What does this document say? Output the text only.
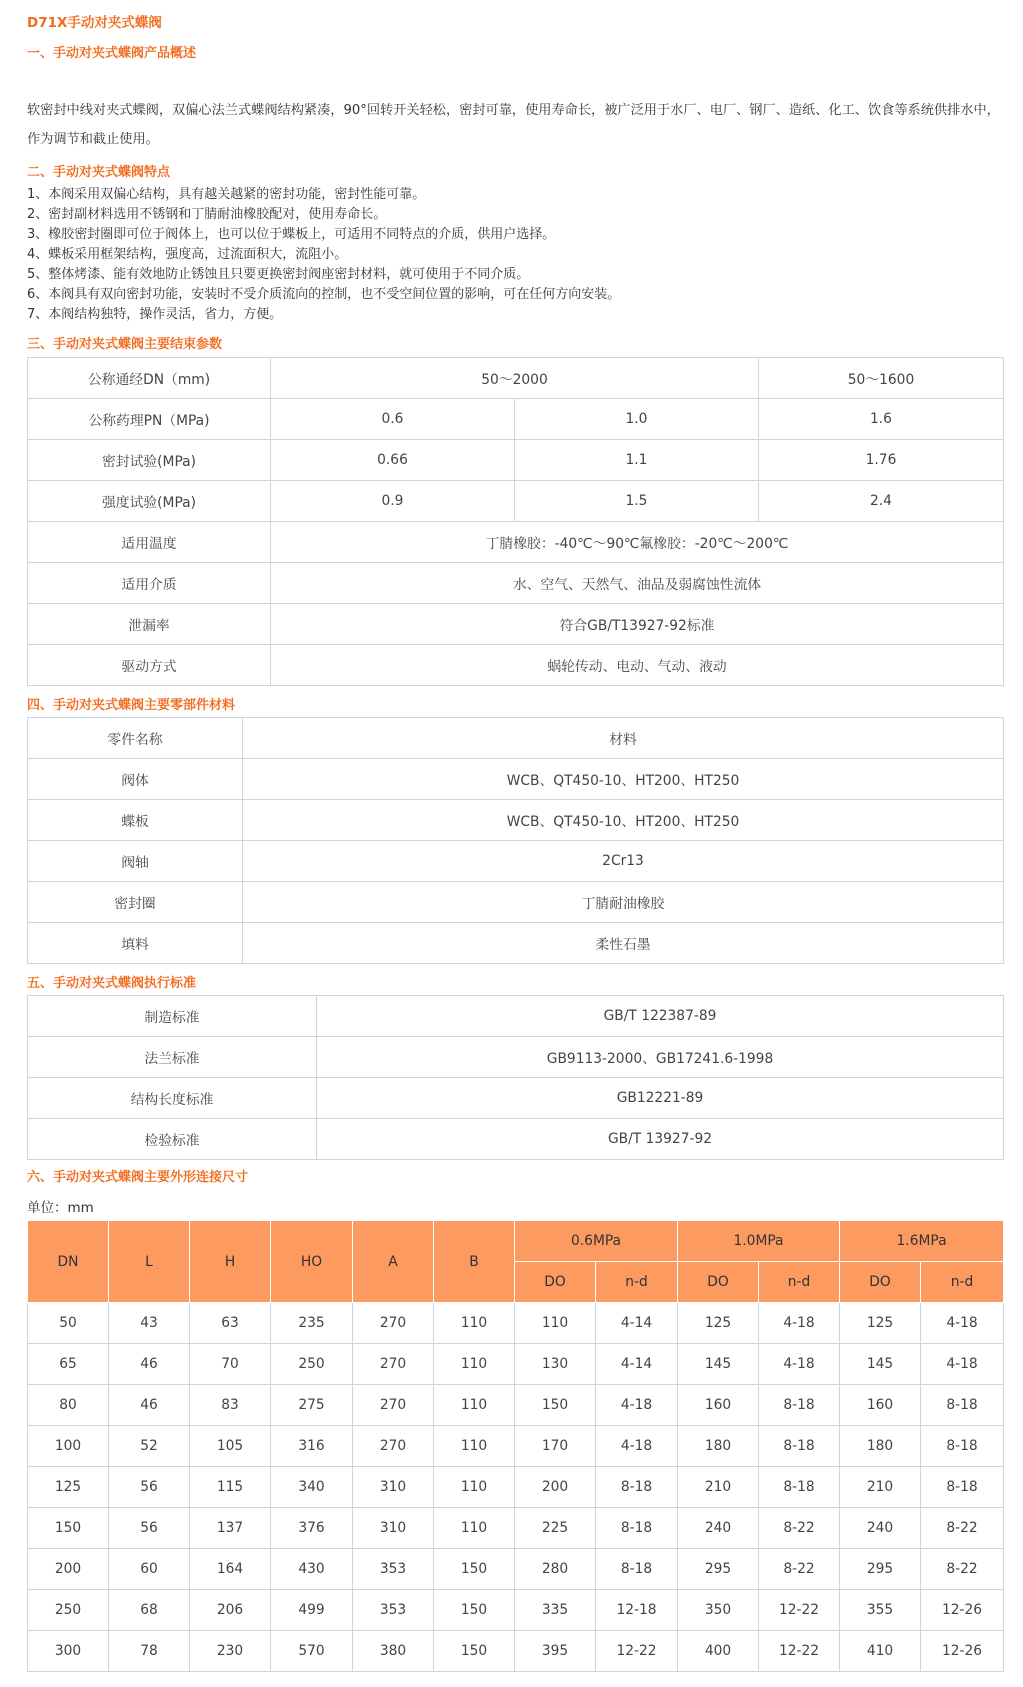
D71X手动对夹式蝶阀
一、手动对夹式蝶阀产品概述
软密封中线对夹式蝶阀，双偏心法兰式蝶阀结构紧凑，90°回转开关轻松，密封可靠，使用寿命长，被广泛用于水厂、电厂、钢厂、造纸、化工、饮食等系统供排水中，作为调节和截止使用。
二、手动对夹式蝶阀特点
1、本阀采用双偏心结构，具有越关越紧的密封功能，密封性能可靠。
2、密封副材料选用不锈钢和丁腈耐油橡胶配对，使用寿命长。
3、橡胶密封圈即可位于阀体上，也可以位于蝶板上，可适用不同特点的介质，供用户选择。
4、蝶板采用框架结构，强度高，过流面积大，流阻小。
5、整体烤漆、能有效地防止锈蚀且只要更换密封阀座密封材料，就可使用于不同介质。
6、本阀具有双向密封功能，安装时不受介质流向的控制，也不受空间位置的影响，可在任何方向安装。
7、本阀结构独特，操作灵活，省力，方便。
三、手动对夹式蝶阀主要结束参数
公称通经DN（mm)	50～2000		50～1600
公称药理PN（MPa)	0.6	1.0	1.6
密封试验(MPa)	0.66	1.1	1.76
强度试验(MPa)	0.9	1.5	2.4
适用温度	丁腈橡胶：-40℃～90℃氟橡胶：-20℃～200℃		
适用介质	水、空气、天然气、油品及弱腐蚀性流体		
泄漏率	符合GB/T13927-92标准		
驱动方式	蜗轮传动、电动、气动、液动		
四、手动对夹式蝶阀主要零部件材料
零件名称	材料
阀体	WCB、QT450-10、HT200、HT250
蝶板	WCB、QT450-10、HT200、HT250
阀轴	2Cr13
密封圈	丁腈耐油橡胶
填料	柔性石墨
五、手动对夹式蝶阀执行标准
制造标准	GB/T 122387-89
法兰标准	GB9113-2000、GB17241.6-1998
结构长度标准	GB12221-89
检验标准	GB/T 13927-92
六、手动对夹式蝶阀主要外形连接尺寸
单位：mm
DN	L	H	HO	A	B	0.6MPa		1.0MPa		1.6MPa	
						DO	n-d	DO	n-d	DO	n-d
50	43	63	235	270	110	110	4-14	125	4-18	125	4-18
65	46	70	250	270	110	130	4-14	145	4-18	145	4-18
80	46	83	275	270	110	150	4-18	160	8-18	160	8-18
100	52	105	316	270	110	170	4-18	180	8-18	180	8-18
125	56	115	340	310	110	200	8-18	210	8-18	210	8-18
150	56	137	376	310	110	225	8-18	240	8-22	240	8-22
200	60	164	430	353	150	280	8-18	295	8-22	295	8-22
250	68	206	499	353	150	335	12-18	350	12-22	355	12-26
300	78	230	570	380	150	395	12-22	400	12-22	410	12-26
